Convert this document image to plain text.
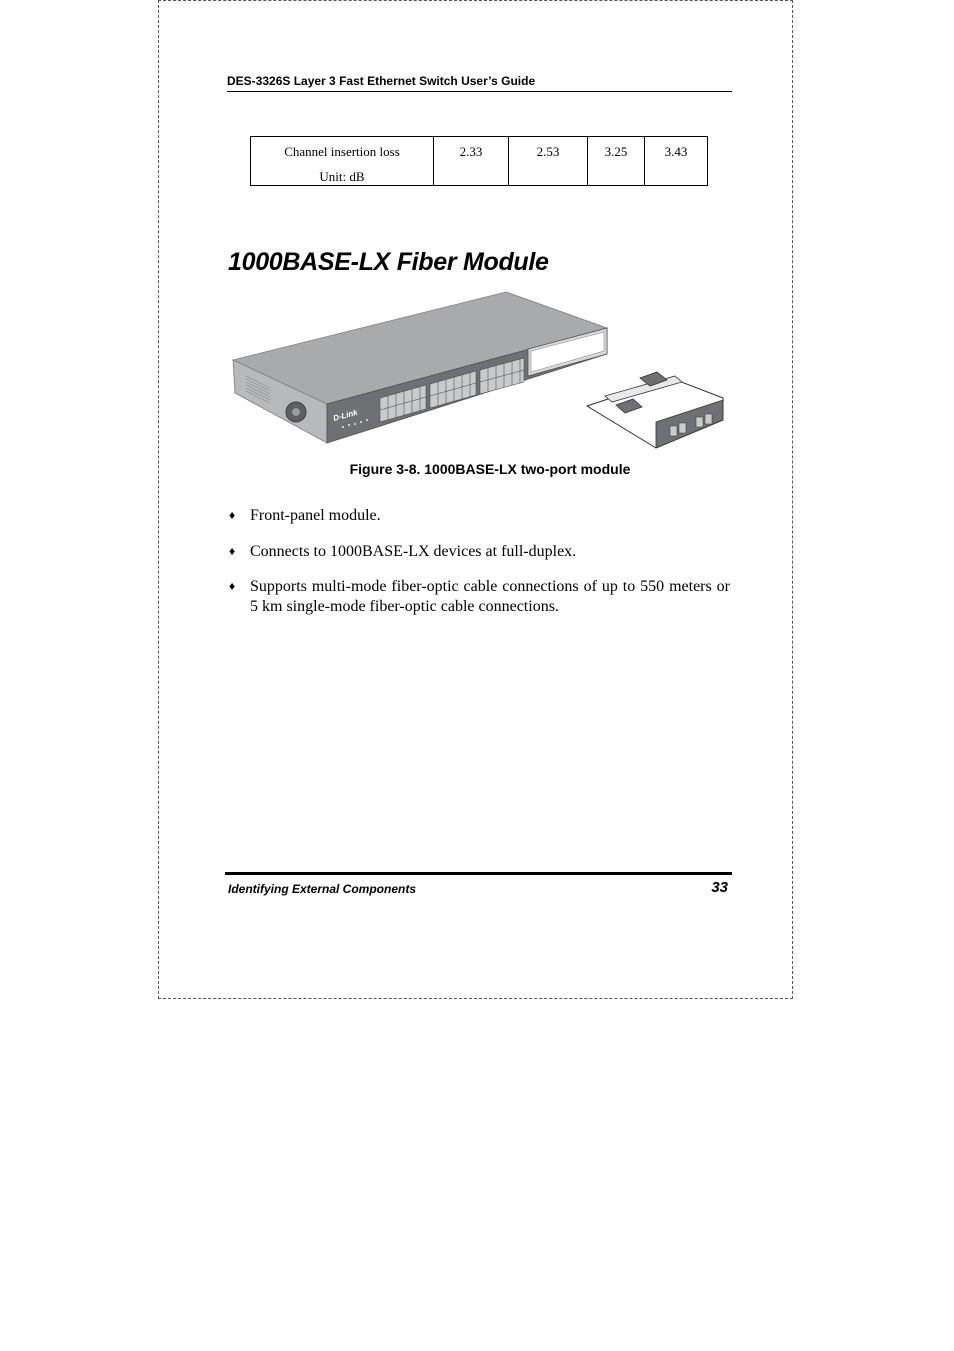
DES-3326S Layer 3 Fast Ethernet Switch User’s Guide
Channel insertion loss
Unit: dB
	2.33	2.53	3.25	3.43
1000BASE-LX Fiber Module
D-Link
Figure 3-8. 1000BASE-LX two-port module
♦ Front-panel module.
♦ Connects to 1000BASE-LX devices at full-duplex.
♦ Supports multi-mode fiber-optic cable connections of up to 550 meters or 5 km single-mode fiber-optic cable connections.
Identifying External Components	33
